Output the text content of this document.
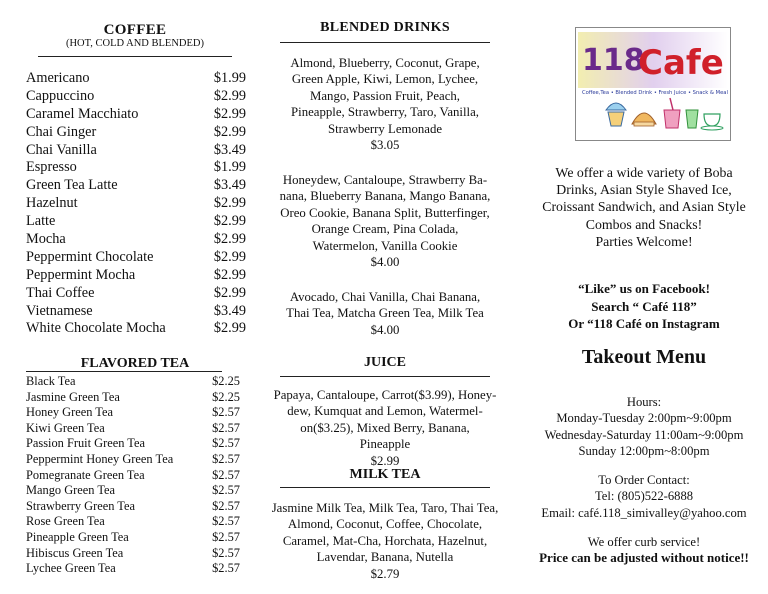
COFFEE
(HOT, COLD AND BLENDED)
Americano	$1.99
Cappuccino	$2.99
Caramel Macchiato	$2.99
Chai Ginger	$2.99
Chai Vanilla	$3.49
Espresso	$1.99
Green Tea Latte	$3.49
Hazelnut	$2.99
Latte	$2.99
Mocha	$2.99
Peppermint Chocolate	$2.99
Peppermint Mocha	$2.99
Thai Coffee	$2.99
Vietnamese	$3.49
White Chocolate Mocha	$2.99
FLAVORED TEA
Black Tea	$2.25
Jasmine Green Tea	$2.25
Honey Green Tea	$2.57
Kiwi Green Tea	$2.57
Passion Fruit Green Tea	$2.57
Peppermint Honey Green Tea	$2.57
Pomegranate Green Tea	$2.57
Mango Green Tea	$2.57
Strawberry Green Tea	$2.57
Rose Green Tea	$2.57
Pineapple Green Tea	$2.57
Hibiscus Green Tea	$2.57
Lychee Green Tea	$2.57
BLENDED DRINKS
Almond, Blueberry, Coconut, Grape,
Green Apple, Kiwi, Lemon, Lychee,
Mango, Passion Fruit, Peach,
Pineapple, Strawberry, Taro, Vanilla,
Strawberry Lemonade
$3.05
Honeydew, Cantaloupe, Strawberry Ba-
nana, Blueberry Banana, Mango Banana,
Oreo Cookie, Banana Split, Butterfinger,
Orange Cream, Pina Colada,
Watermelon, Vanilla Cookie
$4.00
Avocado, Chai Vanilla, Chai Banana,
Thai Tea, Matcha Green Tea, Milk Tea
$4.00
JUICE
Papaya, Cantaloupe, Carrot($3.99), Honey-
dew, Kumquat and Lemon, Watermel-
on($3.25), Mixed Berry, Banana,
Pineapple
$2.99
MILK TEA
Jasmine Milk Tea, Milk Tea, Taro, Thai Tea,
Almond, Coconut, Coffee, Chocolate,
Caramel, Mat-Cha, Horchata, Hazelnut,
Lavendar, Banana, Nutella
$2.79
118
Cafe
Coffee,Tea • Blended Drink • Fresh Juice • Snack & Meal
We offer a wide variety of Boba
Drinks, Asian Style Shaved Ice,
Croissant Sandwich, and Asian Style
Combos and Snacks!
Parties Welcome!
“Like” us on Facebook!
Search “ Café 118”
Or “118 Café on Instagram
Takeout Menu
Hours:
Monday-Tuesday 2:00pm~9:00pm
Wednesday-Saturday 11:00am~9:00pm
Sunday 12:00pm~8:00pm
To Order Contact:
Tel: (805)522-6888
Email: café.118_simivalley@yahoo.com
We offer curb service!
Price can be adjusted without notice!!
